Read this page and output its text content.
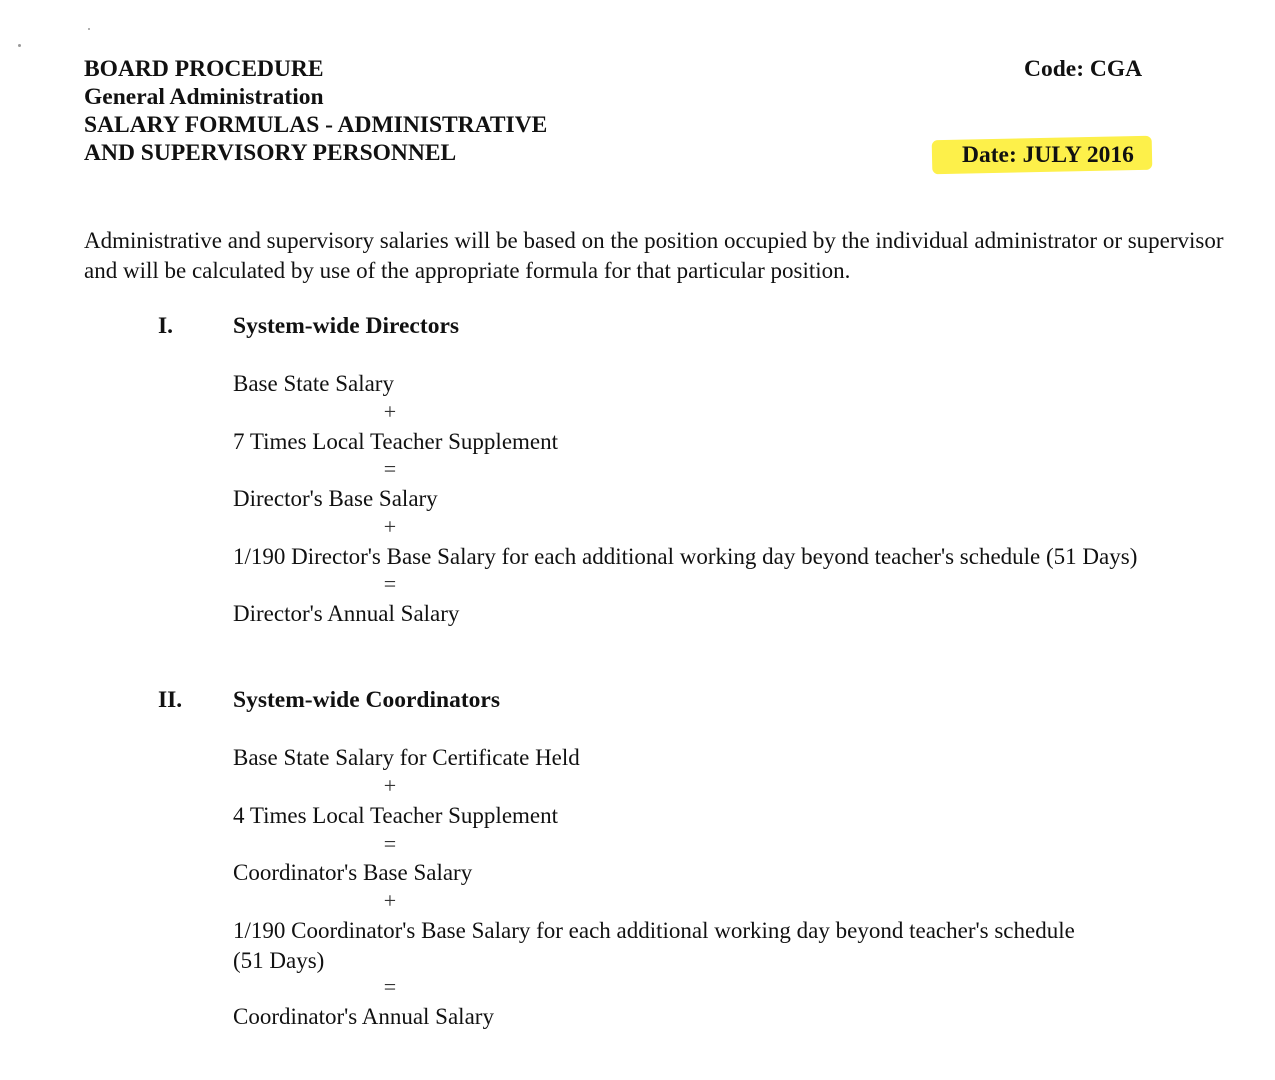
BOARD PROCEDURE
General Administration
SALARY FORMULAS - ADMINISTRATIVE
AND SUPERVISORY PERSONNEL
Code: CGA
Date: JULY 2016
Administrative and supervisory salaries will be based on the position occupied by the individual administrator or supervisor and will be calculated by use of the appropriate formula for that particular position.
I.	System-wide Directors
Base State Salary
+
7 Times Local Teacher Supplement
=
Director's Base Salary
+
1/190 Director's Base Salary for each additional working day beyond teacher's schedule (51 Days)
=
Director's Annual Salary
II. System-wide Coordinators
Base State Salary for Certificate Held
+
4 Times Local Teacher Supplement
=
Coordinator's Base Salary
+
1/190 Coordinator's Base Salary for each additional working day beyond teacher's schedule
(51 Days)
=
Coordinator's Annual Salary
